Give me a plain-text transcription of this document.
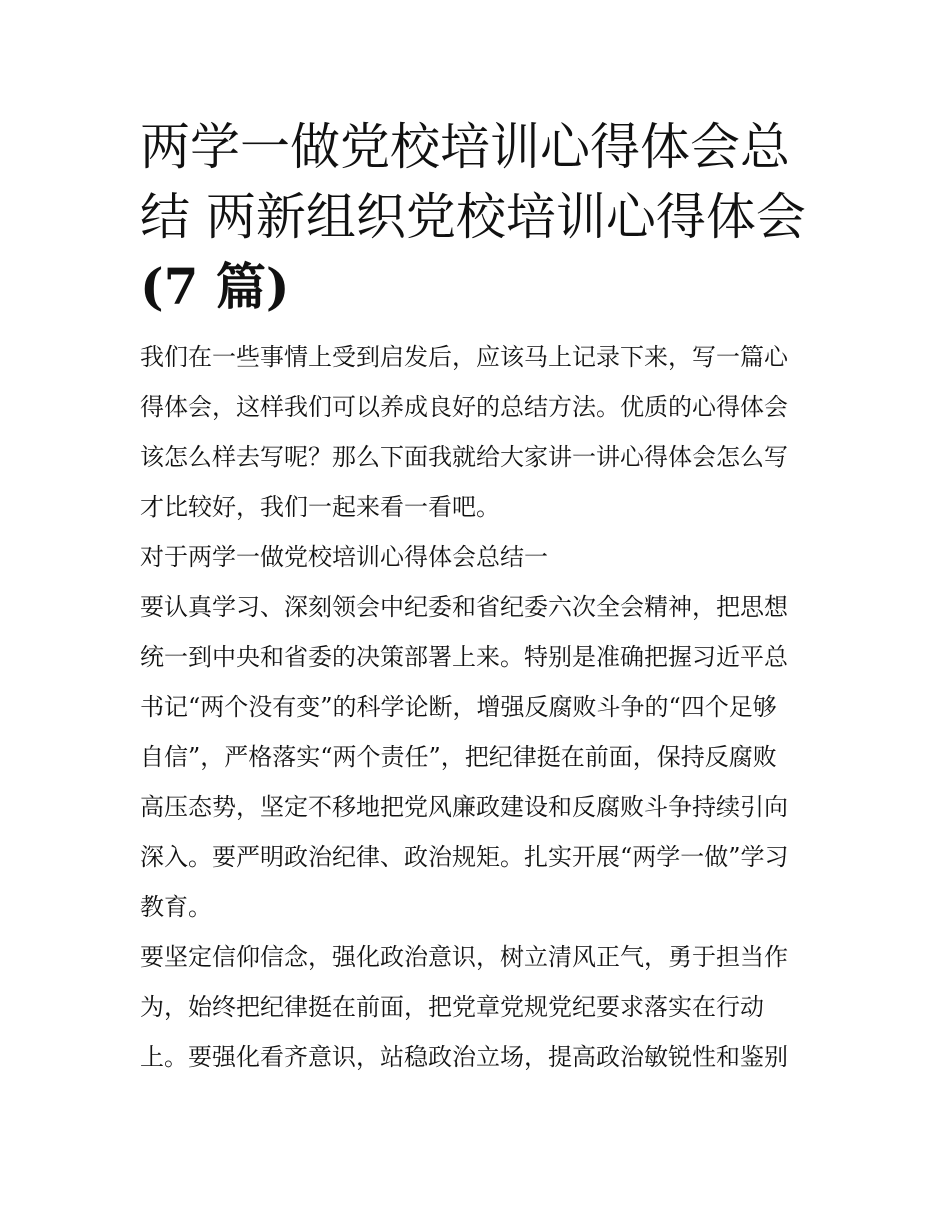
两学一做党校培训心得体会总
结 两新组织党校培训心得体会
(7 篇)

我们在一些事情上受到启发后，应该马上记录下来，写一篇心
得体会，这样我们可以养成良好的总结方法。优质的心得体会
该怎么样去写呢？那么下面我就给大家讲一讲心得体会怎么写
才比较好，我们一起来看一看吧。

对于两学一做党校培训心得体会总结一

要认真学习、深刻领会中纪委和省纪委六次全会精神，把思想
统一到中央和省委的决策部署上来。特别是准确把握习近平总
书记“两个没有变”的科学论断，增强反腐败斗争的“四个足够
自信”，严格落实“两个责任”，把纪律挺在前面，保持反腐败
高压态势，坚定不移地把党风廉政建设和反腐败斗争持续引向
深入。要严明政治纪律、政治规矩。扎实开展“两学一做”学习
教育。

要坚定信仰信念，强化政治意识，树立清风正气，勇于担当作
为，始终把纪律挺在前面，把党章党规党纪要求落实在行动
上。要强化看齐意识，站稳政治立场，提高政治敏锐性和鉴别
